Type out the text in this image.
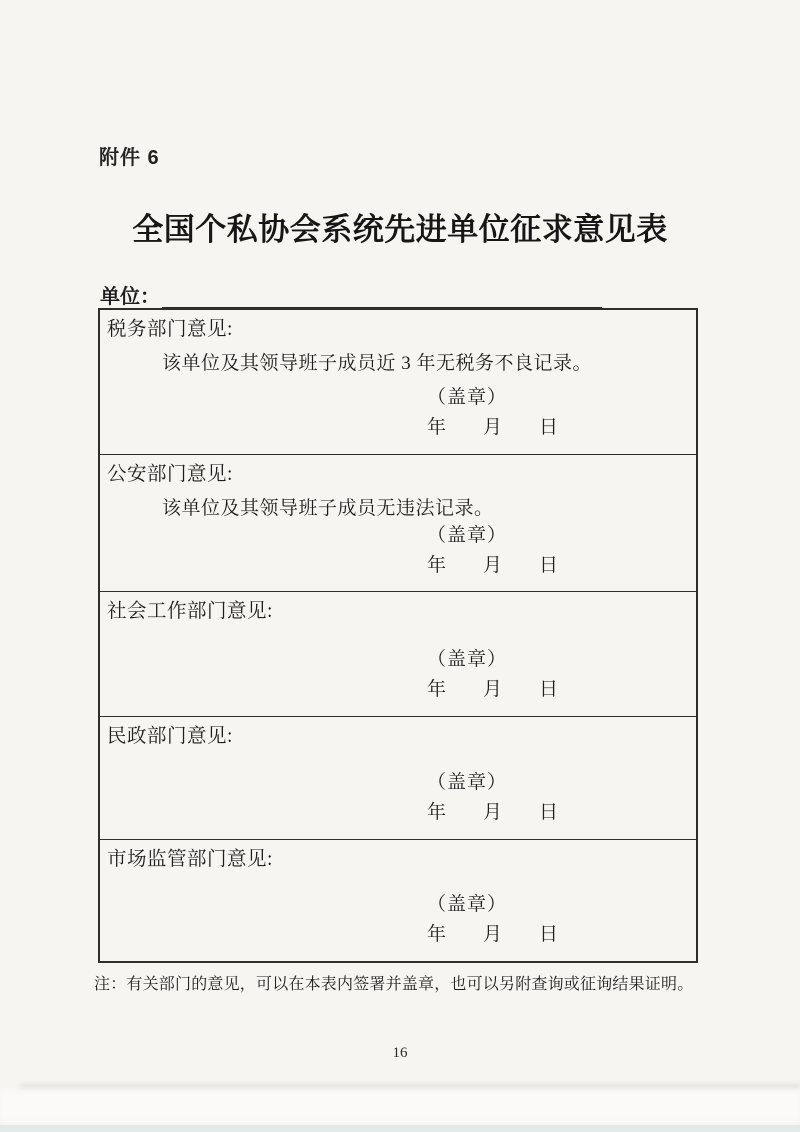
附件 6
全国个私协会系统先进单位征求意见表
单位：
税务部门意见:
该单位及其领导班子成员近 3 年无税务不良记录。
（盖章）
年　月　日
公安部门意见:
该单位及其领导班子成员无违法记录。
（盖章）
年　月　日
社会工作部门意见:
（盖章）
年　月　日
民政部门意见:
（盖章）
年　月　日
市场监管部门意见:
（盖章）
年　月　日
注：有关部门的意见，可以在本表内签署并盖章，也可以另附查询或征询结果证明。
16
